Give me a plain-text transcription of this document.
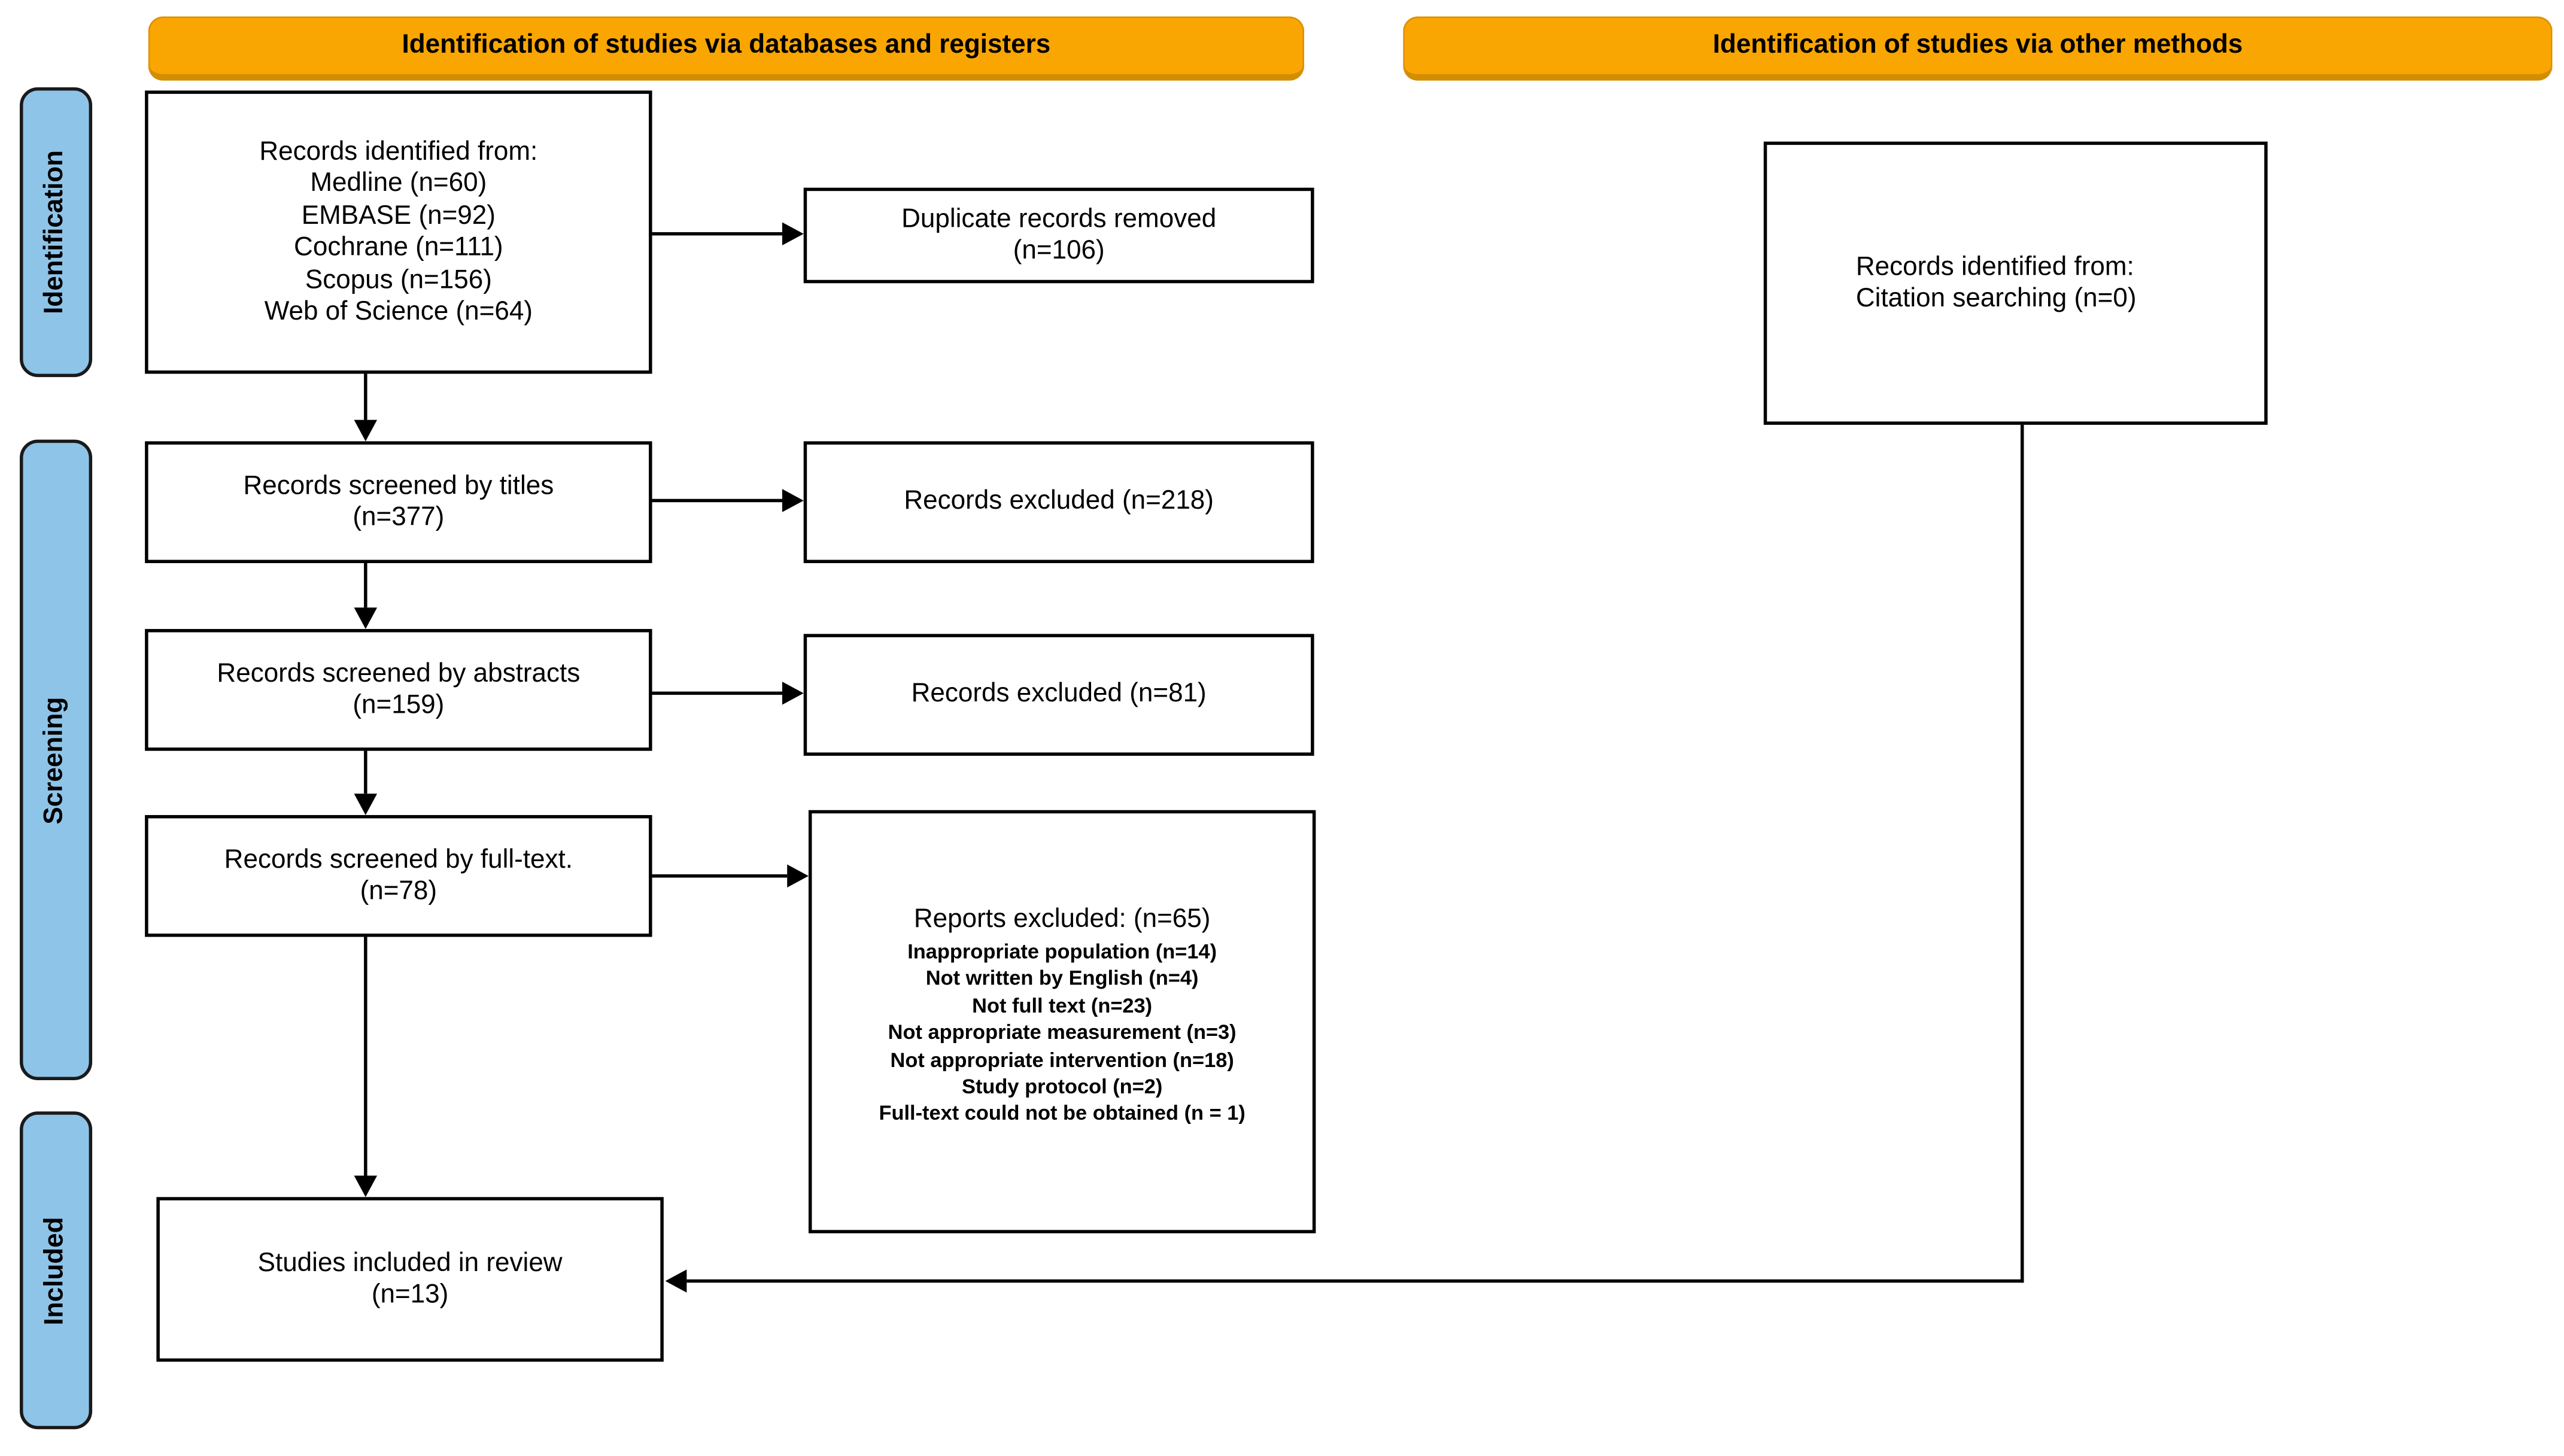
Identification of studies via databases and registers	Identification of studies via other methods
Identification
Screening
Included
Records identified from:
Medline (n=60)
EMBASE (n=92)
Cochrane (n=111)
Scopus (n=156)
Web of Science (n=64)
Duplicate records removed
(n=106)
Records screened by titles
(n=377)
Records excluded (n=218)
Records screened by abstracts
(n=159)	Records excluded (n=81)
Records screened by full-text.
(n=78)
Reports excluded: (n=65)
Inappropriate population (n=14)
Not written by English (n=4)
Not full text (n=23)
Not appropriate measurement (n=3)
Not appropriate intervention (n=18)
Study protocol (n=2)
Full-text could not be obtained (n = 1)
Studies included in review
(n=13)
Records identified from:
Citation searching (n=0)
